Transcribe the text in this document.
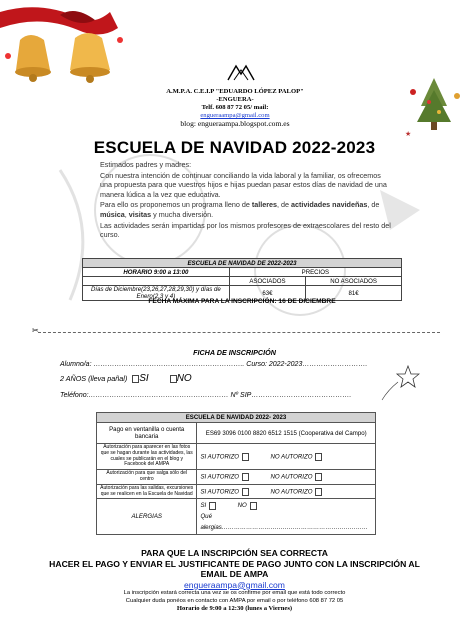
★
A.M.P.A. C.E.I.P "EDUARDO LÓPEZ PALOP"
-ENGUERA-
Telf. 608 87 72 05/ mail:
engueraampa@gmail.com
blog: engueraampa.blogspot.com.es
ESCUELA DE NAVIDAD 2022-2023

Estimados padres y madres:

Con nuestra intención de continuar conciliando la vida laboral y la familiar, os ofrecemos una propuesta para que vuestros hijos e hijas puedan pasar estos días de navidad de una manera lúdica a la vez que educativa.

Para ello os proponemos un programa lleno de talleres, de actividades navideñas, de música, visitas y mucha diversión.

Las actividades serán impartidas por los mismos profesores de extraescolares del resto del curso.

ESCUELA DE NAVIDAD DE 2022-2023		
HORARIO 9:00 a 13:00	PRECIOS	
	ASOCIADOS	NO ASOCIADOS
Días de Diciembre(23,26,27,28,29,30) y días de Enero(2,3 y 4)	63€	81€
FECHA MÁXIMA PARA LA INSCRIPCIÓN: 16 DE DICIEMBRE
✂
FICHA DE INSCRIPCIÓN
Alumno/a: ……………………………………………………….. Curso: 2022-2023……………………….
2 AÑOS (lleva pañal) SI	NO
Teléfono:…………………………………………………… Nº SIP…………………………………….
ESCUELA DE NAVIDAD 2022- 2023	
Pago en ventanilla o cuenta bancaria	ES69 3096 0100 8820 6512 1515 (Cooperativa del Campo)
Autorización para aparecer en las fotos que se hagan durante las actividades, las cuales se publicarán en el blog y Facebook del AMPA	SI AUTORIZO NO AUTORIZO
Autorización para que salga sólo del centro	SI AUTORIZO NO AUTORIZO
Autorización para las salidas, excursiones que se realicen en la Escuela de Navidad	SI AUTORIZO NO AUTORIZO
ALERGIAS	SI NO
Qué alergias………………………………………………………………
PARA QUE LA INSCRIPCIÓN SEA CORRECTA
HACER EL PAGO Y ENVIAR EL JUSTIFICANTE DE PAGO JUNTO CON LA INSCRIPCIÓN AL
EMAIL DE AMPA
engueraampa@gmail.com
La inscripción estará correcta una vez se os confirme por email que está todo correcto
Cualquier duda ponéos en contacto con AMPA por email o por teléfono 608 87 72 05
Horario de 9:00 a 12:30 (lunes a Viernes)
